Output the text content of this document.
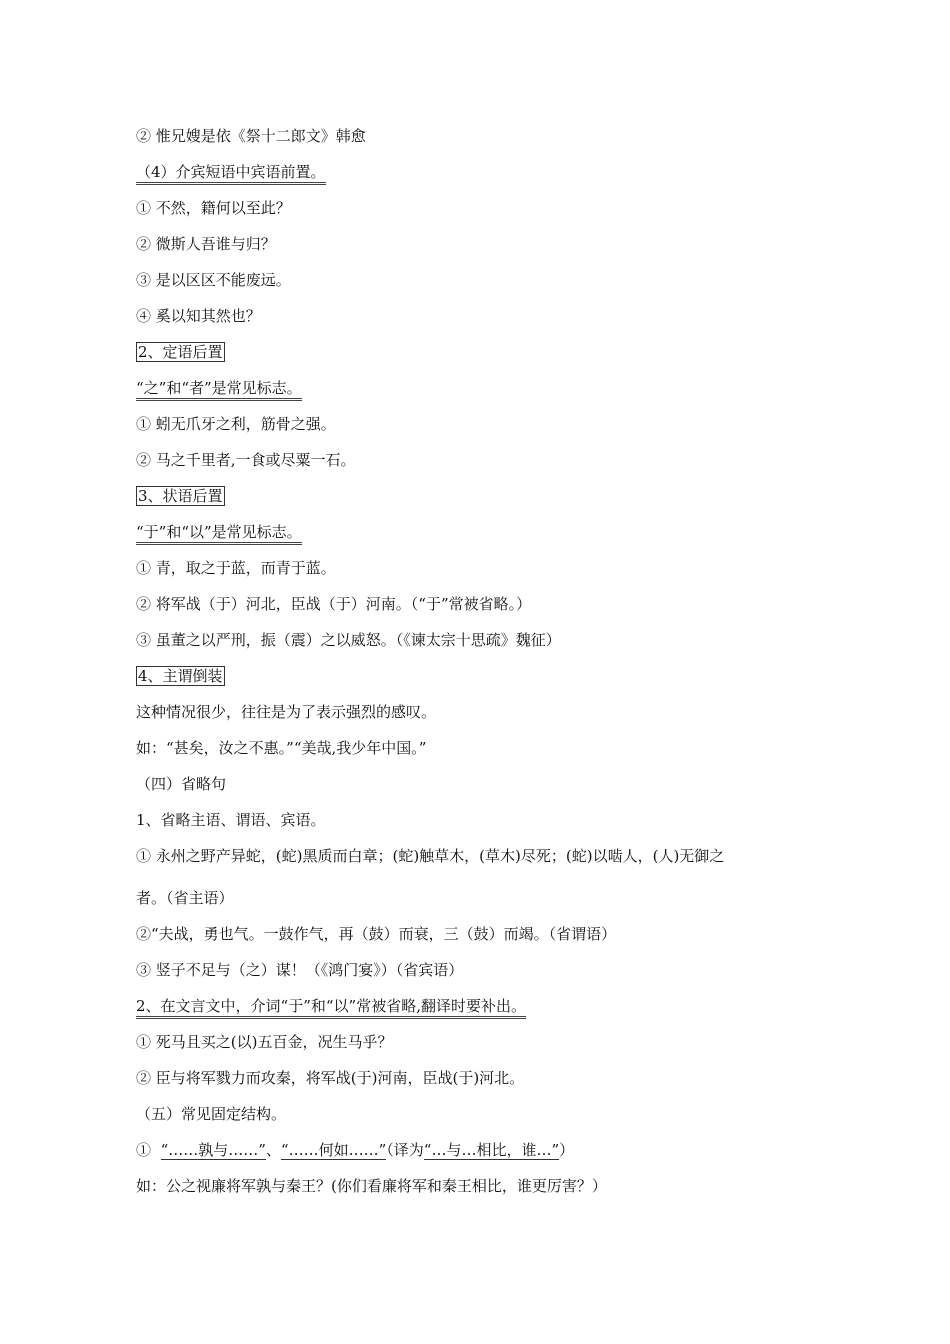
② 惟兄嫂是依《祭十二郎文》韩愈
（4）介宾短语中宾语前置。
① 不然，籍何以至此？
② 微斯人吾谁与归？
③ 是以区区不能废远。
④ 奚以知其然也？
2、定语后置
“之”和“者”是常见标志。
① 蚓无爪牙之利，筋骨之强。
② 马之千里者,一食或尽粟一石。
3、状语后置
“于”和“以”是常见标志。
① 青，取之于蓝，而青于蓝。
② 将军战（于）河北，臣战（于）河南。（“于”常被省略。）
③ 虽董之以严刑，振（震）之以威怒。（《谏太宗十思疏》魏征）
4、主谓倒装
这种情况很少，往往是为了表示强烈的感叹。
如：“甚矣，汝之不惠。”“美哉,我少年中国。”
（四）省略句
1、省略主语、谓语、宾语。
① 永州之野产异蛇，(蛇)黑质而白章；(蛇)触草木，(草木)尽死；(蛇)以啮人，(人)无御之
者。（省主语）
②“夫战，勇也气。一鼓作气，再（鼓）而衰，三（鼓）而竭。（省谓语）
③ 竖子不足与（之）谋！（《鸿门宴》）（省宾语）
2、在文言文中，介词“于”和“以”常被省略,翻译时要补出。
① 死马且买之(以)五百金，况生马乎？
② 臣与将军戮力而攻秦，将军战(于)河南，臣战(于)河北。
（五）常见固定结构。
① “……孰与……”、“……何如……”（译为“…与…相比，谁…”）
如：公之视廉将军孰与秦王？(你们看廉将军和秦王相比，谁更厉害？）
